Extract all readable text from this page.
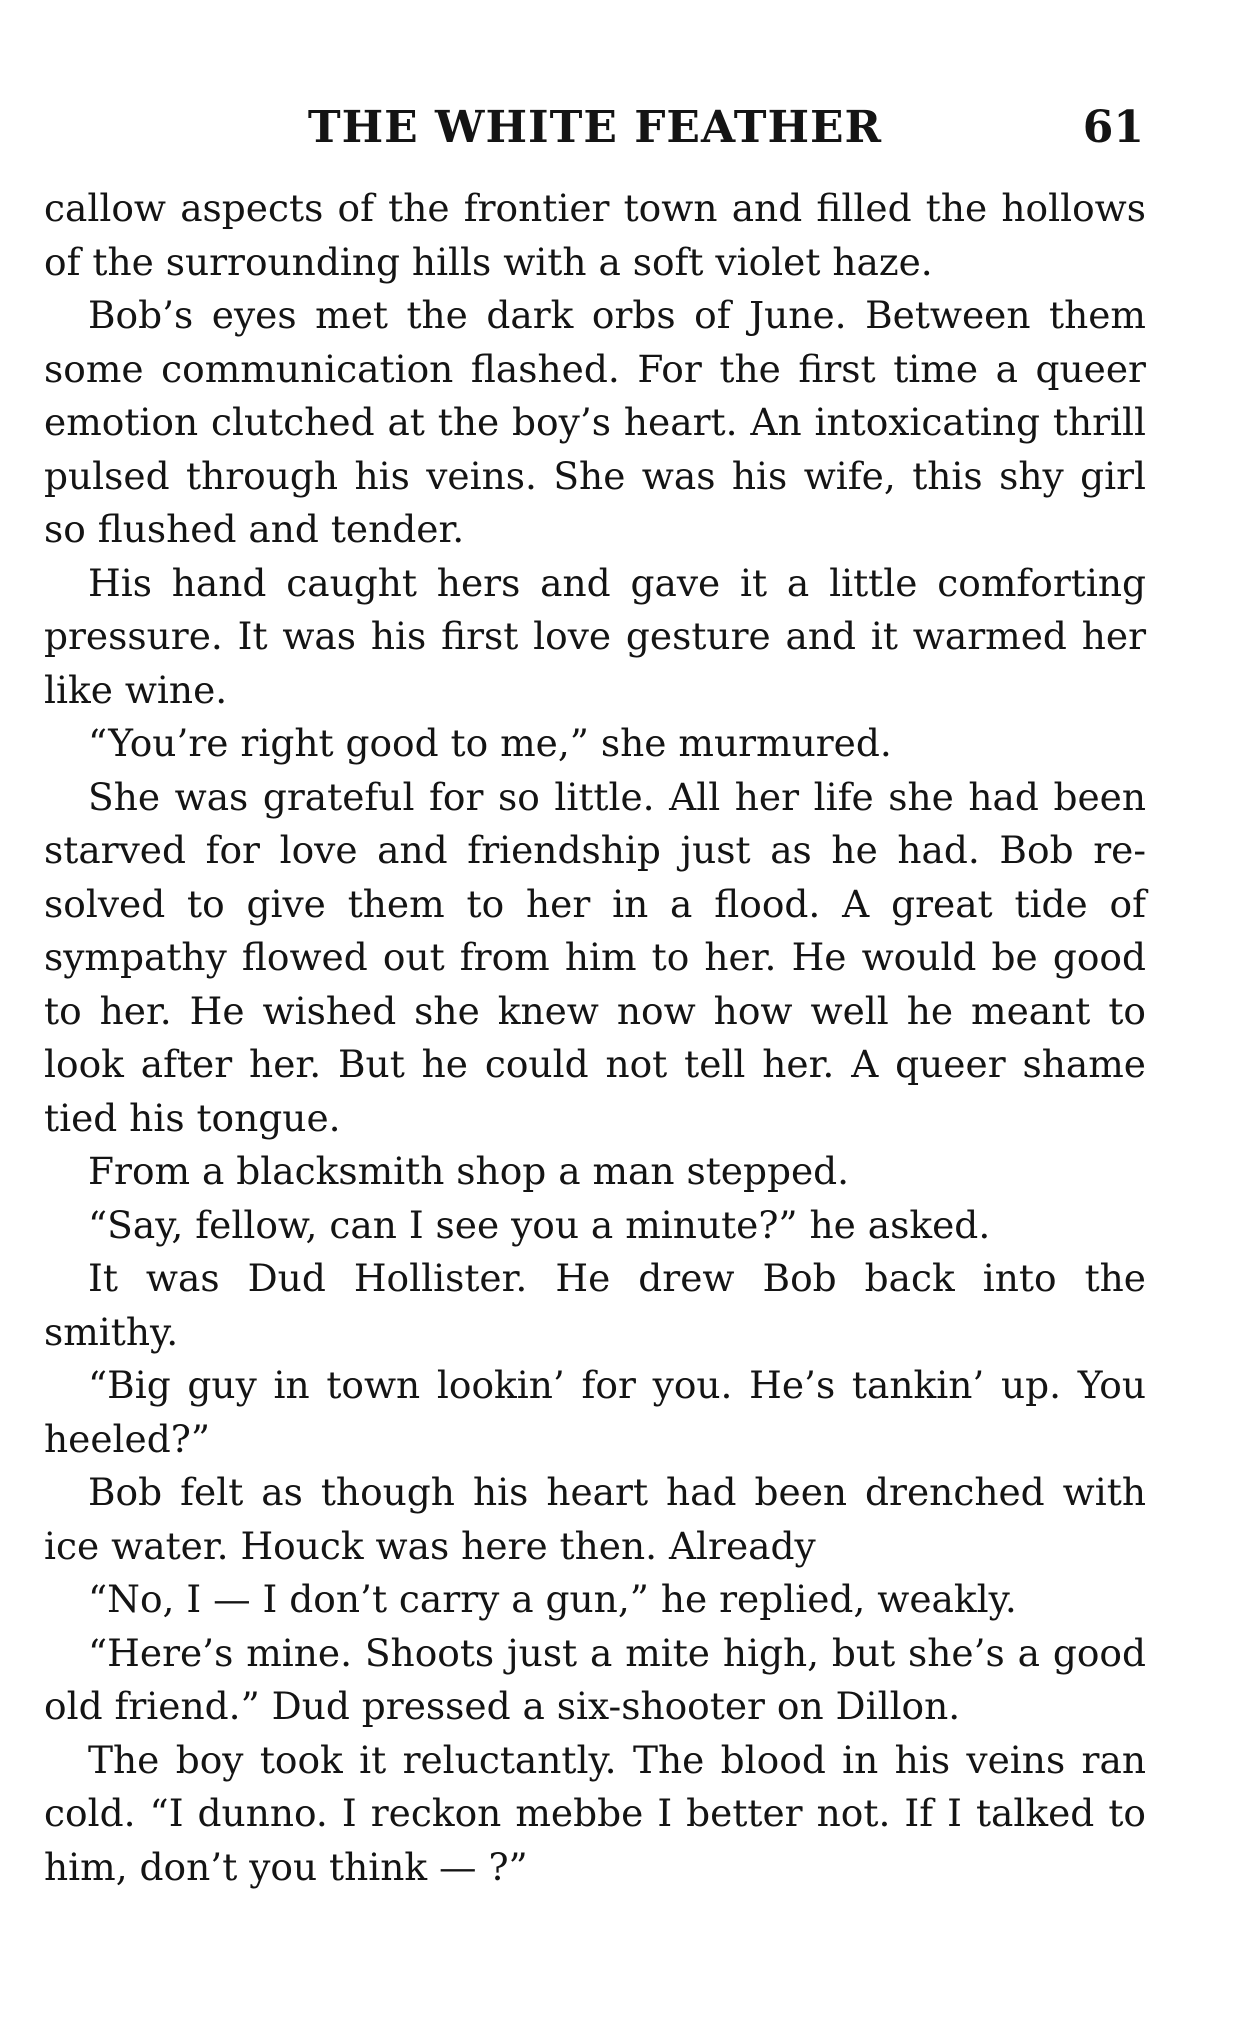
THE WHITE FEATHER	61

callow aspects of the frontier town and filled the hollows of the surrounding hills with a soft violet haze.

Bob’s eyes met the dark orbs of June. Between them some communication flashed. For the first time a queer emotion clutched at the boy’s heart. An intoxicating thrill pulsed through his veins. She was his wife, this shy girl so flushed and tender.

His hand caught hers and gave it a little comforting pressure. It was his first love gesture and it warmed her like wine.

“You’re right good to me,” she murmured.

She was grateful for so little. All her life she had been starved for love and friendship just as he had. Bob re-solved to give them to her in a flood. A great tide of sympathy flowed out from him to her. He would be good to her. He wished she knew now how well he meant to look after her. But he could not tell her. A queer shame tied his tongue.

From a blacksmith shop a man stepped.

“Say, fellow, can I see you a minute?” he asked.

It was Dud Hollister. He drew Bob back into the smithy.

“Big guy in town lookin’ for you. He’s tankin’ up. You heeled?”

Bob felt as though his heart had been drenched with ice water. Houck was here then. Already

“No, I — I don’t carry a gun,” he replied, weakly.

“Here’s mine. Shoots just a mite high, but she’s a good old friend.” Dud pressed a six-shooter on Dillon.

The boy took it reluctantly. The blood in his veins ran cold. “I dunno. I reckon mebbe I better not. If I talked to him, don’t you think — ?”
